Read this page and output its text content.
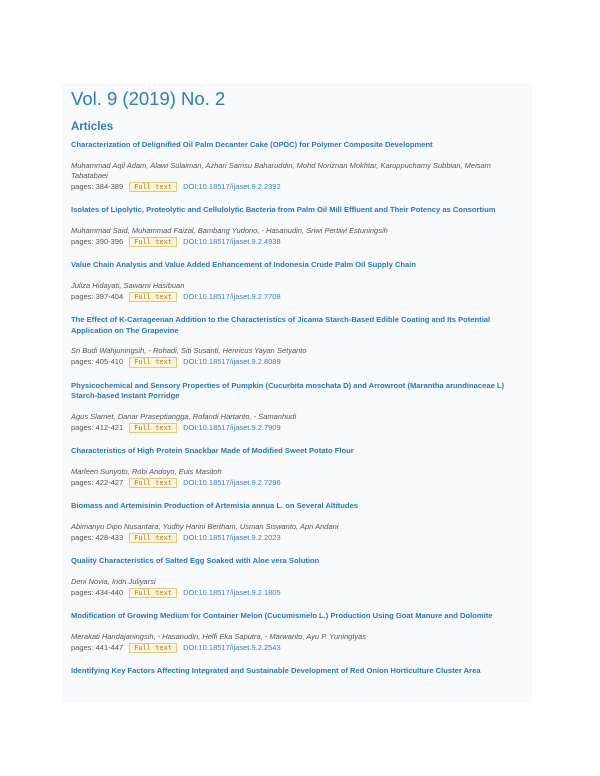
Vol. 9 (2019) No. 2
Articles
Characterization of Delignified Oil Palm Decanter Cake (OPDC) for Polymer Composite Development
Muhammad Aqil Adam, Alawi Sulaiman, Azhari Samsu Baharuddin, Mohd Noriznan Mokhtar, Karuppuchamy Subbian, Meisam Tabatabaei
pages: 384-389	Full text	DOI:10.18517/ijaset.9.2.2392
Isolates of Lipolytic, Proteolytic and Cellulolytic Bacteria from Palm Oil Mill Effluent and Their Potency as Consortium
Muhammad Said, Muhammad Faizal, Bambang Yudono, - Hasanudin, Sriwi Pertiwi Estuningsih
pages: 390-396	Full text	DOI:10.18517/ijaset.9.2.4938
Value Chain Analysis and Value Added Enhancement of Indonesia Crude Palm Oil Supply Chain
Juliza Hidayati, Sawarni Hasibuan
pages: 397-404	Full text	DOI:10.18517/ijaset.9.2.7708
The Effect of K-Carrageenan Addition to the Characteristics of Jicama Starch-Based Edible Coating and Its Potential Application on The Grapevine
Sri Budi Wahjuningsih, - Rohadi, Siti Susanti, Henricus Yayan Setyanto
pages: 405-410	Full text	DOI:10.18517/ijaset.9.2.8089
Physicochemical and Sensory Properties of Pumpkin (Cucurbita moschata D) and Arrowroot (Marantha arundinaceae L) Starch-based Instant Porridge
Agus Slamet, Danar Praseptiangga, Rofandi Hartanto, - Samanhudi
pages: 412-421	Full text	DOI:10.18517/ijaset.9.2.7909
Characteristics of High Protein Snackbar Made of Modified Sweet Potato Flour
Marleen Sunyoto, Robi Andoyo, Euis Masitoh
pages: 422-427	Full text	DOI:10.18517/ijaset.9.2.7296
Biomass and Artemisinin Production of Artemisia annua L. on Several Altitudes
Abimanyu Dipo Nusantara, Yudhy Harini Bertham, Usman Siswanto, Apri Andani
pages: 428-433	Full text	DOI:10.18517/ijaset.9.2.2023
Quality Characteristics of Salted Egg Soaked with Aloe vera Solution
Deni Novia, Indri Juliyarsi
pages: 434-440	Full text	DOI:10.18517/ijaset.9.2.1805
Modification of Growing Medium for Container Melon (Cucumismelo L.) Production Using Goat Manure and Dolomite
Merakati Handajaningsih, - Hasanudin, Helfi Eka Saputra, - Marwanto, Ayu P. Yuningtyas
pages: 441-447	Full text	DOI:10.18517/ijaset.9.2.2543
Identifying Key Factors Affecting Integrated and Sustainable Development of Red Onion Horticulture Cluster Area
